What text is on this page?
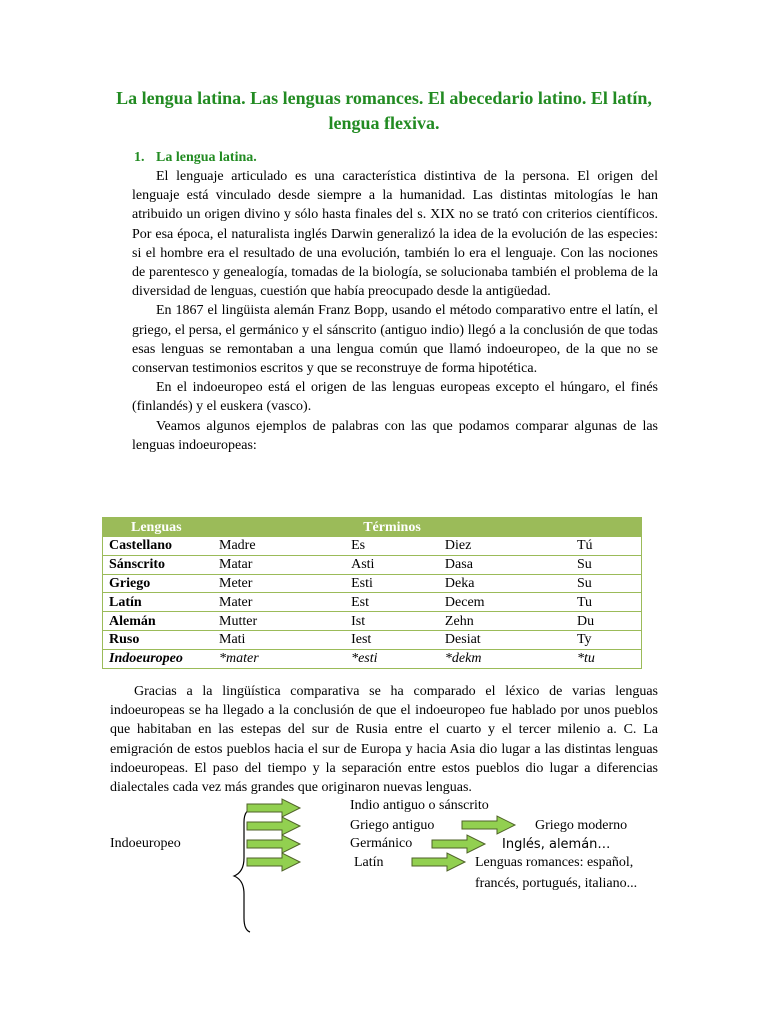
La lengua latina. Las lenguas romances. El abecedario latino. El latín, lengua flexiva.
1. La lengua latina.

El lenguaje articulado es una característica distintiva de la persona. El origen del lenguaje está vinculado desde siempre a la humanidad. Las distintas mitologías le han atribuido un origen divino y sólo hasta finales del s. XIX no se trató con criterios científicos. Por esa época, el naturalista inglés Darwin generalizó la idea de la evolución de las especies: si el hombre era el resultado de una evolución, también lo era el lenguaje. Con las nociones de parentesco y genealogía, tomadas de la biología, se solucionaba también el problema de la diversidad de lenguas, cuestión que había preocupado desde la antigüedad.

En 1867 el lingüista alemán Franz Bopp, usando el método comparativo entre el latín, el griego, el persa, el germánico y el sánscrito (antiguo indio) llegó a la conclusión de que todas esas lenguas se remontaban a una lengua común que llamó indoeuropeo, de la que no se conservan testimonios escritos y que se reconstruye de forma hipotética.

En el indoeuropeo está el origen de las lenguas europeas excepto el húngaro, el finés (finlandés) y el euskera (vasco).

Veamos algunos ejemplos de palabras con las que podamos comparar algunas de las lenguas indoeuropeas:

Lenguas	Términos			
Castellano	Madre	Es	Diez	Tú
Sánscrito	Matar	Asti	Dasa	Su
Griego	Meter	Esti	Deka	Su
Latín	Mater	Est	Decem	Tu
Alemán	Mutter	Ist	Zehn	Du
Ruso	Mati	Iest	Desiat	Ty
Indoeuropeo	*mater	*esti	*dekm	*tu

Gracias a la lingüística comparativa se ha comparado el léxico de varias lenguas indoeuropeas se ha llegado a la conclusión de que el indoeuropeo fue hablado por unos pueblos que habitaban en las estepas del sur de Rusia entre el cuarto y el tercer milenio a. C. La emigración de estos pueblos hacia el sur de Europa y hacia Asia dio lugar a las distintas lenguas indoeuropeas. El paso del tiempo y la separación entre estos pueblos dio lugar a diferencias dialectales cada vez más grandes que originaron nuevas lenguas.

Indoeuropeo
Indio antiguo o sánscrito
Griego antiguo	Griego moderno
Germánico	Inglés, alemán…
Latín	Lenguas romances: español,
francés, portugués, italiano...
